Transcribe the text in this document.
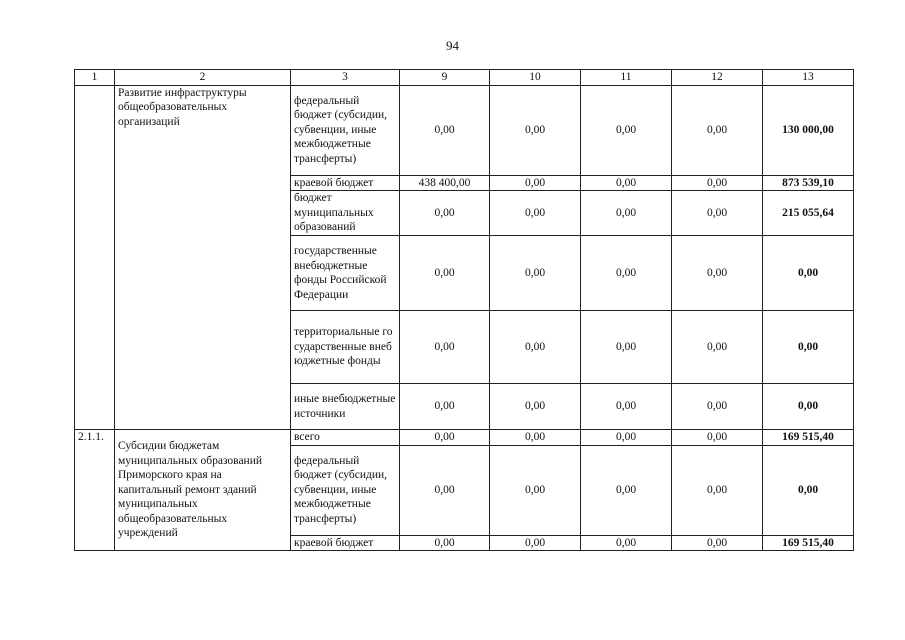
94
1	2	3	9	10	11	12	13
	Развитие инфраструктуры общеобразовательных организаций	федеральный бюджет (субсидии, субвенции, иные межбюджетные трансферты)	0,00	0,00	0,00	0,00	130 000,00
		краевой бюджет	438 400,00	0,00	0,00	0,00	873 539,10
		бюджет муниципальных образований	0,00	0,00	0,00	0,00	215 055,64
		государственные внебюджетные фонды Российской Федерации	0,00	0,00	0,00	0,00	0,00
		территориальные государственные внебюджетные фонды	0,00	0,00	0,00	0,00	0,00
		иные внебюджетные источники	0,00	0,00	0,00	0,00	0,00
2.1.1.	Субсидии бюджетам муниципальных образований Приморского края на капитальный ремонт зданий муниципальных общеобразовательных учреждений	всего	0,00	0,00	0,00	0,00	169 515,40
		федеральный бюджет (субсидии, субвенции, иные межбюджетные трансферты)	0,00	0,00	0,00	0,00	0,00
		краевой бюджет	0,00	0,00	0,00	0,00	169 515,40
